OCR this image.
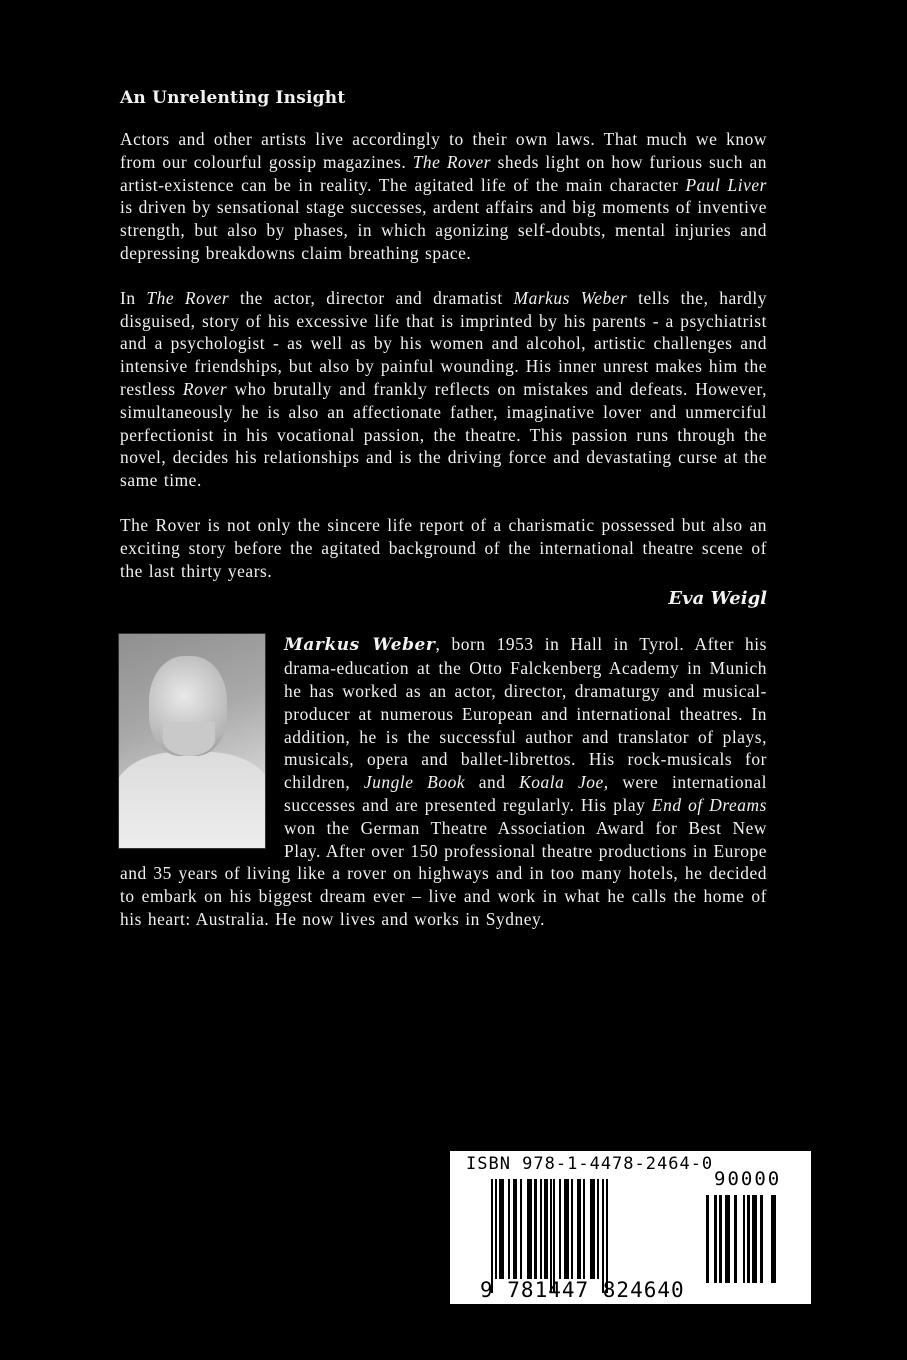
An Unrelenting Insight

Actors and other artists live accordingly to their own laws. That much we know from our colourful gossip magazines. The Rover sheds light on how furious such an artist-existence can be in reality. The agitated life of the main character Paul Liver is driven by sensational stage successes, ardent affairs and big moments of inventive strength, but also by phases, in which agonizing self-doubts, mental injuries and depressing breakdowns claim breathing space.

In The Rover the actor, director and dramatist Markus Weber tells the, hardly disguised, story of his excessive life that is imprinted by his parents - a psychiatrist and a psychologist - as well as by his women and alcohol, artistic challenges and intensive friendships, but also by painful wounding. His inner unrest makes him the restless Rover who brutally and frankly reflects on mistakes and defeats. However, simultaneously he is also an affectionate father, imaginative lover and unmerciful perfectionist in his vocational passion, the theatre. This passion runs through the novel, decides his relationships and is the driving force and devastating curse at the same time.

The Rover is not only the sincere life report of a charismatic possessed but also an exciting story before the agitated background of the international theatre scene of the last thirty years.

Eva Weigl

Markus Weber, born 1953 in Hall in Tyrol. After his drama-education at the Otto Falckenberg Academy in Munich he has worked as an actor, director, dramaturgy and musical-producer at numerous European and international theatres. In addition, he is the successful author and translator of plays, musicals, opera and ballet-librettos. His rock-musicals for children, Jungle Book and Koala Joe, were international successes and are presented regularly. His play End of Dreams won the German Theatre Association Award for Best New Play. After over 150 professional theatre productions in Europe and 35 years of living like a rover on highways and in too many hotels, he decided to embark on his biggest dream ever – live and work in what he calls the home of his heart: Australia. He now lives and works in Sydney.

ISBN 978-1-4478-2464-0
90000
9 781447 824640
